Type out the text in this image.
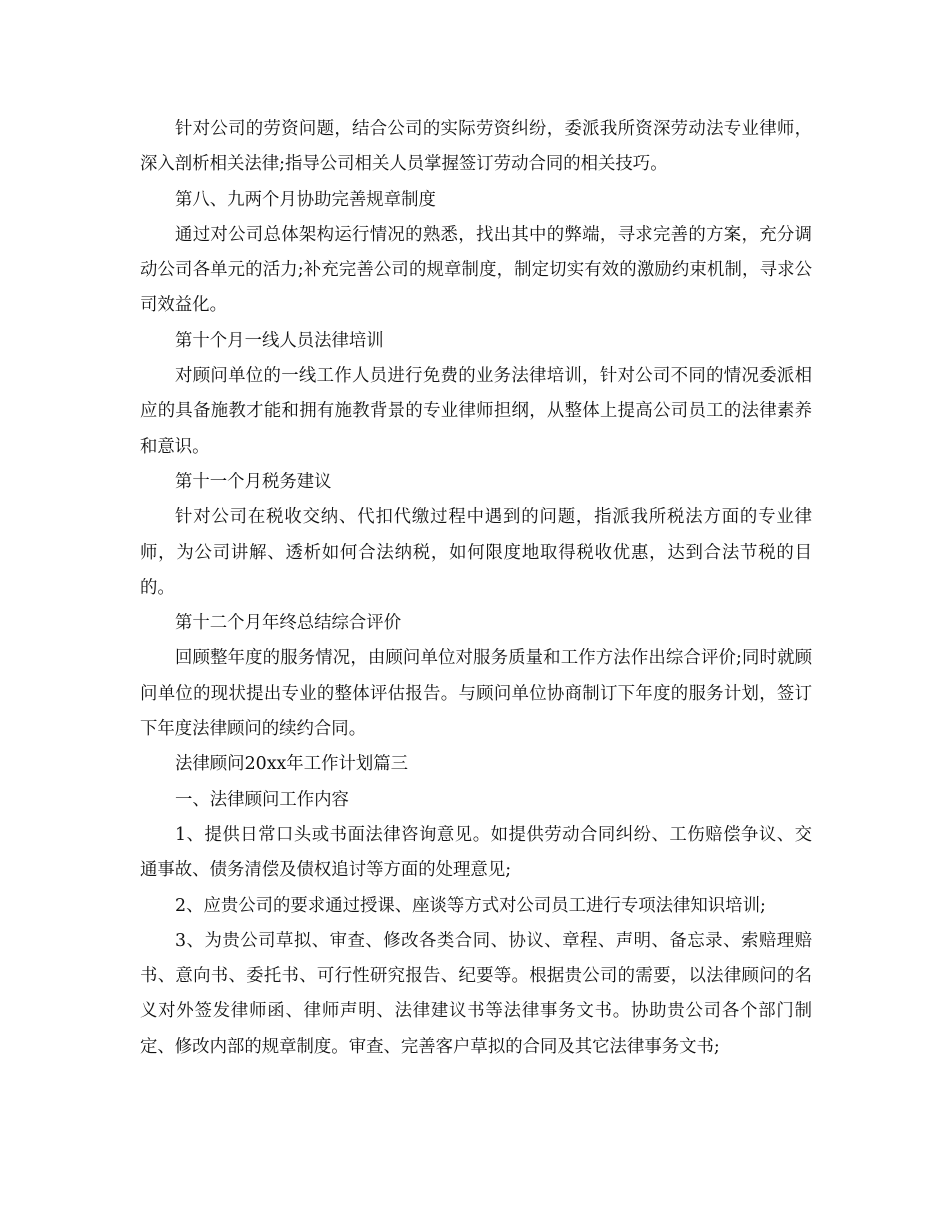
针对公司的劳资问题，结合公司的实际劳资纠纷，委派我所资深劳动法专业律师，深入剖析相关法律;指导公司相关人员掌握签订劳动合同的相关技巧。

第八、九两个月协助完善规章制度

通过对公司总体架构运行情况的熟悉，找出其中的弊端，寻求完善的方案，充分调动公司各单元的活力;补充完善公司的规章制度，制定切实有效的激励约束机制，寻求公司效益化。

第十个月一线人员法律培训

对顾问单位的一线工作人员进行免费的业务法律培训，针对公司不同的情况委派相应的具备施教才能和拥有施教背景的专业律师担纲，从整体上提高公司员工的法律素养和意识。

第十一个月税务建议

针对公司在税收交纳、代扣代缴过程中遇到的问题，指派我所税法方面的专业律师，为公司讲解、透析如何合法纳税，如何限度地取得税收优惠，达到合法节税的目的。

第十二个月年终总结综合评价

回顾整年度的服务情况，由顾问单位对服务质量和工作方法作出综合评价;同时就顾问单位的现状提出专业的整体评估报告。与顾问单位协商制订下年度的服务计划，签订下年度法律顾问的续约合同。

法律顾问20xx年工作计划篇三

一、法律顾问工作内容

1、提供日常口头或书面法律咨询意见。如提供劳动合同纠纷、工伤赔偿争议、交通事故、债务清偿及债权追讨等方面的处理意见;

2、应贵公司的要求通过授课、座谈等方式对公司员工进行专项法律知识培训;

3、为贵公司草拟、审查、修改各类合同、协议、章程、声明、备忘录、索赔理赔书、意向书、委托书、可行性研究报告、纪要等。根据贵公司的需要，以法律顾问的名义对外签发律师函、律师声明、法律建议书等法律事务文书。协助贵公司各个部门制定、修改内部的规章制度。审查、完善客户草拟的合同及其它法律事务文书;
